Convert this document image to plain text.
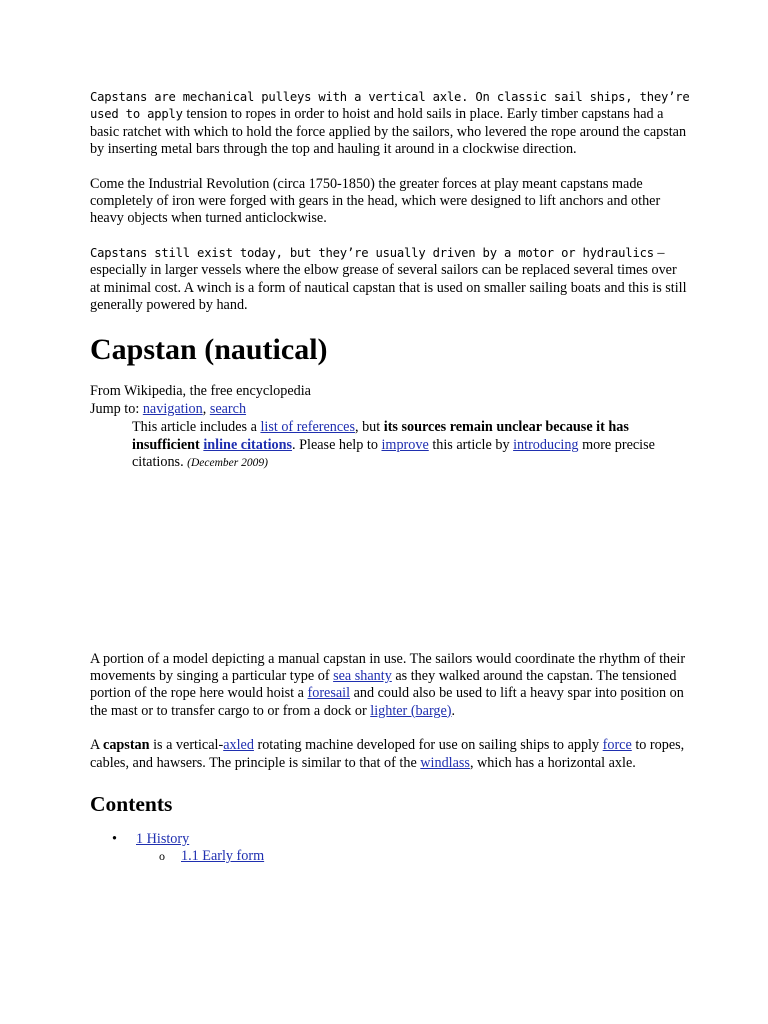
Capstans are mechanical pulleys with a vertical axle. On classic sail ships, they’re used to apply tension to ropes in order to hoist and hold sails in place. Early timber capstans had a basic ratchet with which to hold the force applied by the sailors, who levered the rope around the capstan by inserting metal bars through the top and hauling it around in a clockwise direction.

Come the Industrial Revolution (circa 1750-1850) the greater forces at play meant capstans made completely of iron were forged with gears in the head, which were designed to lift anchors and other heavy objects when turned anticlockwise.

Capstans still exist today, but they’re usually driven by a motor or hydraulics – especially in larger vessels where the elbow grease of several sailors can be replaced several times over at minimal cost. A winch is a form of nautical capstan that is used on smaller sailing boats and this is still generally powered by hand.

Capstan (nautical)

From Wikipedia, the free encyclopedia

Jump to: navigation, search

This article includes a list of references, but its sources remain unclear because it has insufficient inline citations. Please help to improve this article by introducing more precise citations. (December 2009)

A portion of a model depicting a manual capstan in use. The sailors would coordinate the rhythm of their movements by singing a particular type of sea shanty as they walked around the capstan. The tensioned portion of the rope here would hoist a foresail and could also be used to lift a heavy spar into position on the mast or to transfer cargo to or from a dock or lighter (barge).

A capstan is a vertical-axled rotating machine developed for use on sailing ships to apply force to ropes, cables, and hawsers. The principle is similar to that of the windlass, which has a horizontal axle.

Contents
• 1 History
o 1.1 Early form
